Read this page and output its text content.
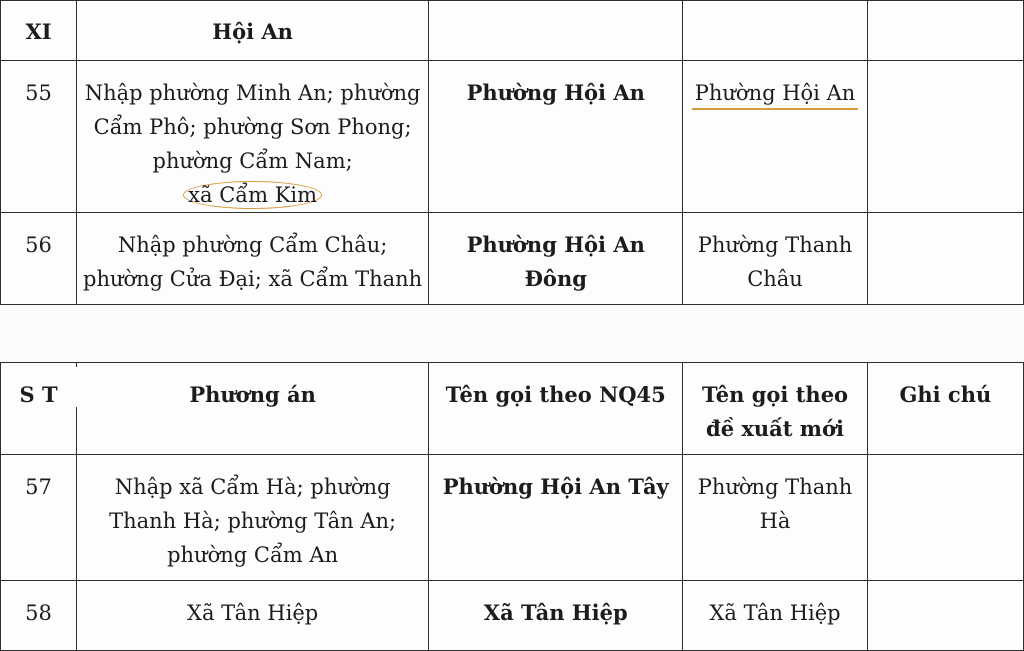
XI	Hội An			
55	Nhập phường Minh An; phường Cẩm Phô; phường Sơn Phong; phường Cẩm Nam; xã Cẩm Kim	Phường Hội An	Phường Hội An	
56	Nhập phường Cẩm Châu; phường Cửa Đại; xã Cẩm Thanh	Phường Hội An Đông	Phường Thanh Châu	
S T	Phương án	Tên gọi theo NQ45	Tên gọi theo đề xuất mới	Ghi chú
57	Nhập xã Cẩm Hà; phường Thanh Hà; phường Tân An; phường Cẩm An	Phường Hội An Tây	Phường Thanh Hà	
58	Xã Tân Hiệp	Xã Tân Hiệp	Xã Tân Hiệp	
